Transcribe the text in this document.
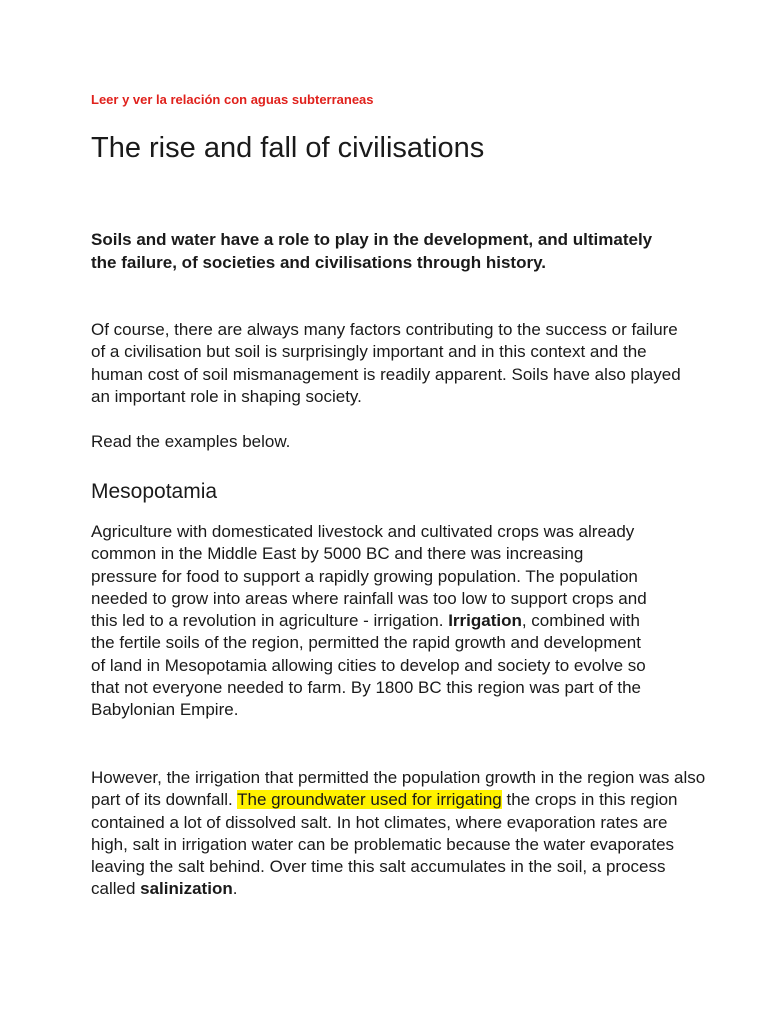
Leer y ver la relación con aguas subterraneas
The rise and fall of civilisations

Soils and water have a role to play in the development, and ultimately the failure, of societies and civilisations through history.

Of course, there are always many factors contributing to the success or failure of a civilisation but soil is surprisingly important and in this context and the human cost of soil mismanagement is readily apparent. Soils have also played an important role in shaping society.

Read the examples below.

Mesopotamia

Agriculture with domesticated livestock and cultivated crops was already common in the Middle East by 5000 BC and there was increasing pressure for food to support a rapidly growing population. The population needed to grow into areas where rainfall was too low to support crops and this led to a revolution in agriculture - irrigation. Irrigation, combined with the fertile soils of the region, permitted the rapid growth and development of land in Mesopotamia allowing cities to develop and society to evolve so that not everyone needed to farm. By 1800 BC this region was part of the Babylonian Empire.

However, the irrigation that permitted the population growth in the region was also part of its downfall. The groundwater used for irrigating the crops in this region contained a lot of dissolved salt. In hot climates, where evaporation rates are high, salt in irrigation water can be problematic because the water evaporates leaving the salt behind. Over time this salt accumulates in the soil, a process called salinization.
